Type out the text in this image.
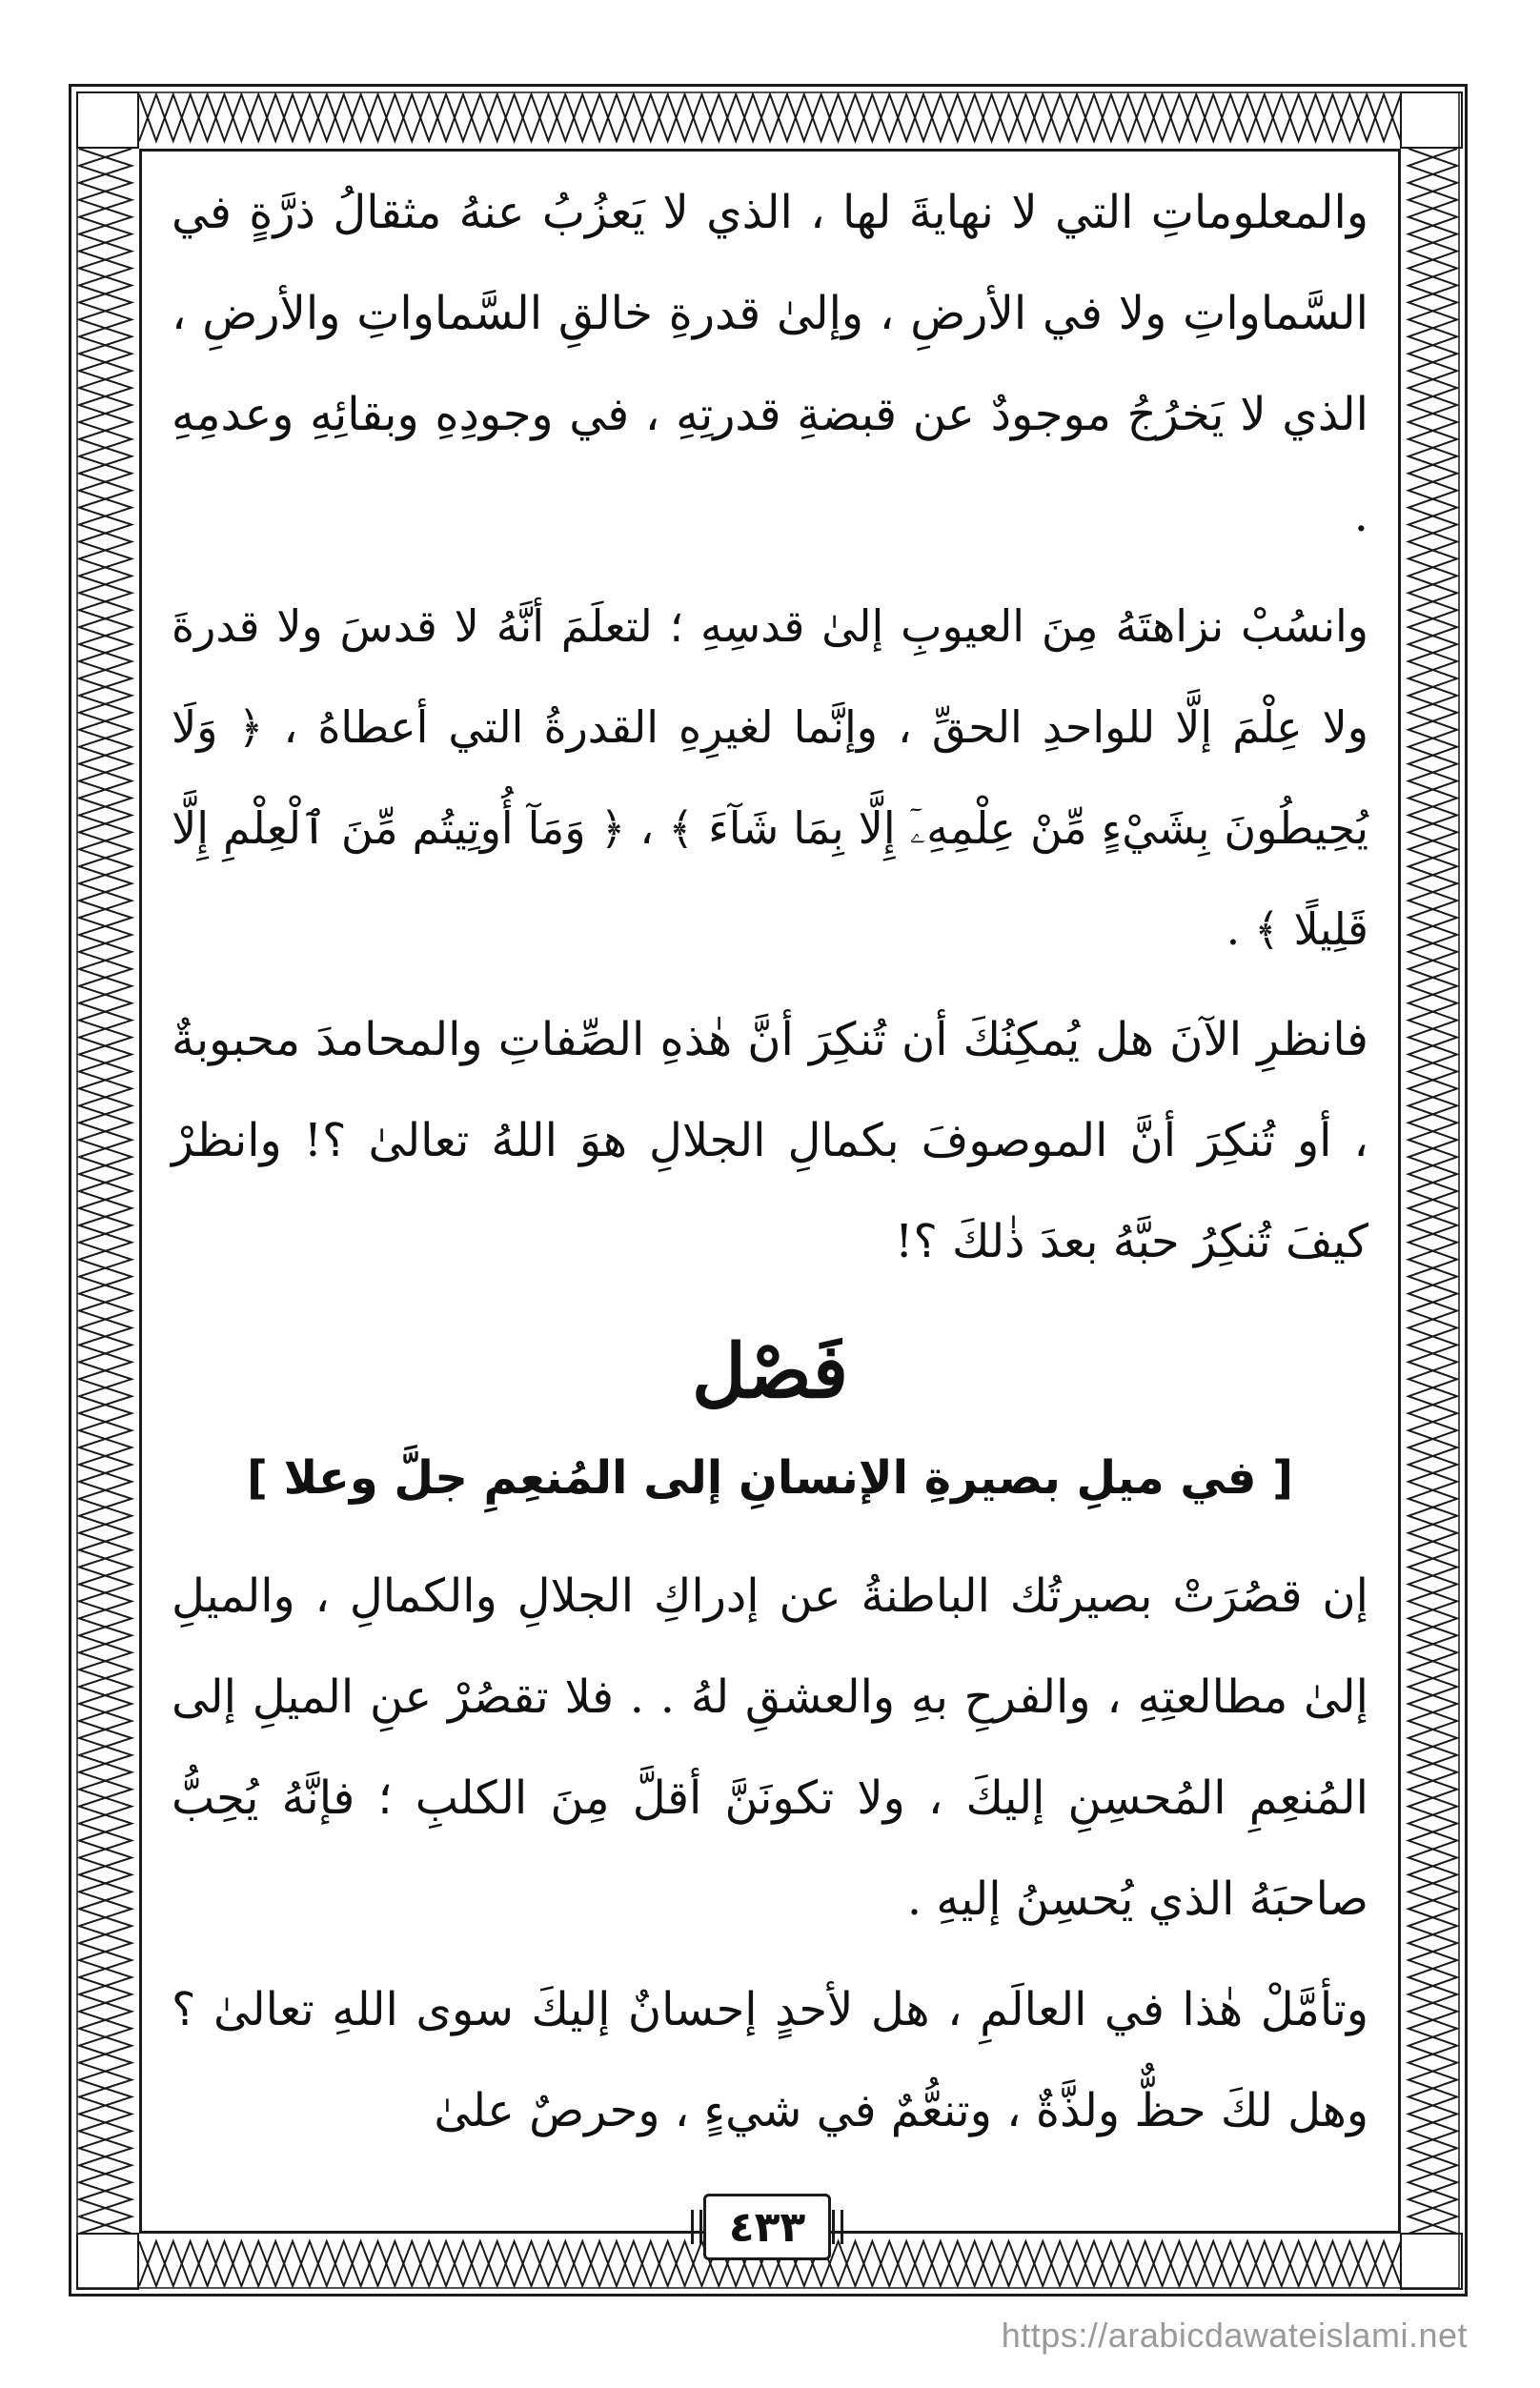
والمعلوماتِ التي لا نهايةَ لها ، الذي لا يَعزُبُ عنهُ مثقالُ ذرَّةٍ في السَّماواتِ ولا في الأرضِ ، وإلىٰ قدرةِ خالقِ السَّماواتِ والأرضِ ، الذي لا يَخرُجُ موجودٌ عن قبضةِ قدرتِهِ ، في وجودِهِ وبقائِهِ وعدمِهِ .

وانسُبْ نزاهتَهُ مِنَ العيوبِ إلىٰ قدسِهِ ؛ لتعلَمَ أنَّهُ لا قدسَ ولا قدرةَ ولا عِلْمَ إلَّا للواحدِ الحقِّ ، وإنَّما لغيرِهِ القدرةُ التي أعطاهُ ، ﴿ وَلَا يُحِيطُونَ بِشَيْءٍ مِّنْ عِلْمِهِۦٓ إِلَّا بِمَا شَآءَ ﴾ ، ﴿ وَمَآ أُوتِيتُم مِّنَ ٱلْعِلْمِ إِلَّا قَلِيلًا ﴾ .

فانظرِ الآنَ هل يُمكِنُكَ أن تُنكِرَ أنَّ هٰذهِ الصِّفاتِ والمحامدَ محبوبةٌ ، أو تُنكِرَ أنَّ الموصوفَ بكمالِ الجلالِ هوَ اللهُ تعالىٰ ؟! وانظرْ كيفَ تُنكِرُ حبَّهُ بعدَ ذٰلكَ ؟!

فَصْل
[ في ميلِ بصيرةِ الإنسانِ إلى المُنعِمِ جلَّ وعلا ]

إن قصُرَتْ بصيرتُك الباطنةُ عن إدراكِ الجلالِ والكمالِ ، والميلِ إلىٰ مطالعتِهِ ، والفرحِ بهِ والعشقِ لهُ . . فلا تقصُرْ عنِ الميلِ إلى المُنعِمِ المُحسِنِ إليكَ ، ولا تكونَنَّ أقلَّ مِنَ الكلبِ ؛ فإنَّهُ يُحِبُّ صاحبَهُ الذي يُحسِنُ إليهِ .

وتأمَّلْ هٰذا في العالَمِ ، هل لأحدٍ إحسانٌ إليكَ سوى اللهِ تعالىٰ ؟ وهل لكَ حظٌّ ولذَّةٌ ، وتنعُّمٌ في شيءٍ ، وحرصٌ علىٰ

٤٣٣
https://arabicdawateislami.net
